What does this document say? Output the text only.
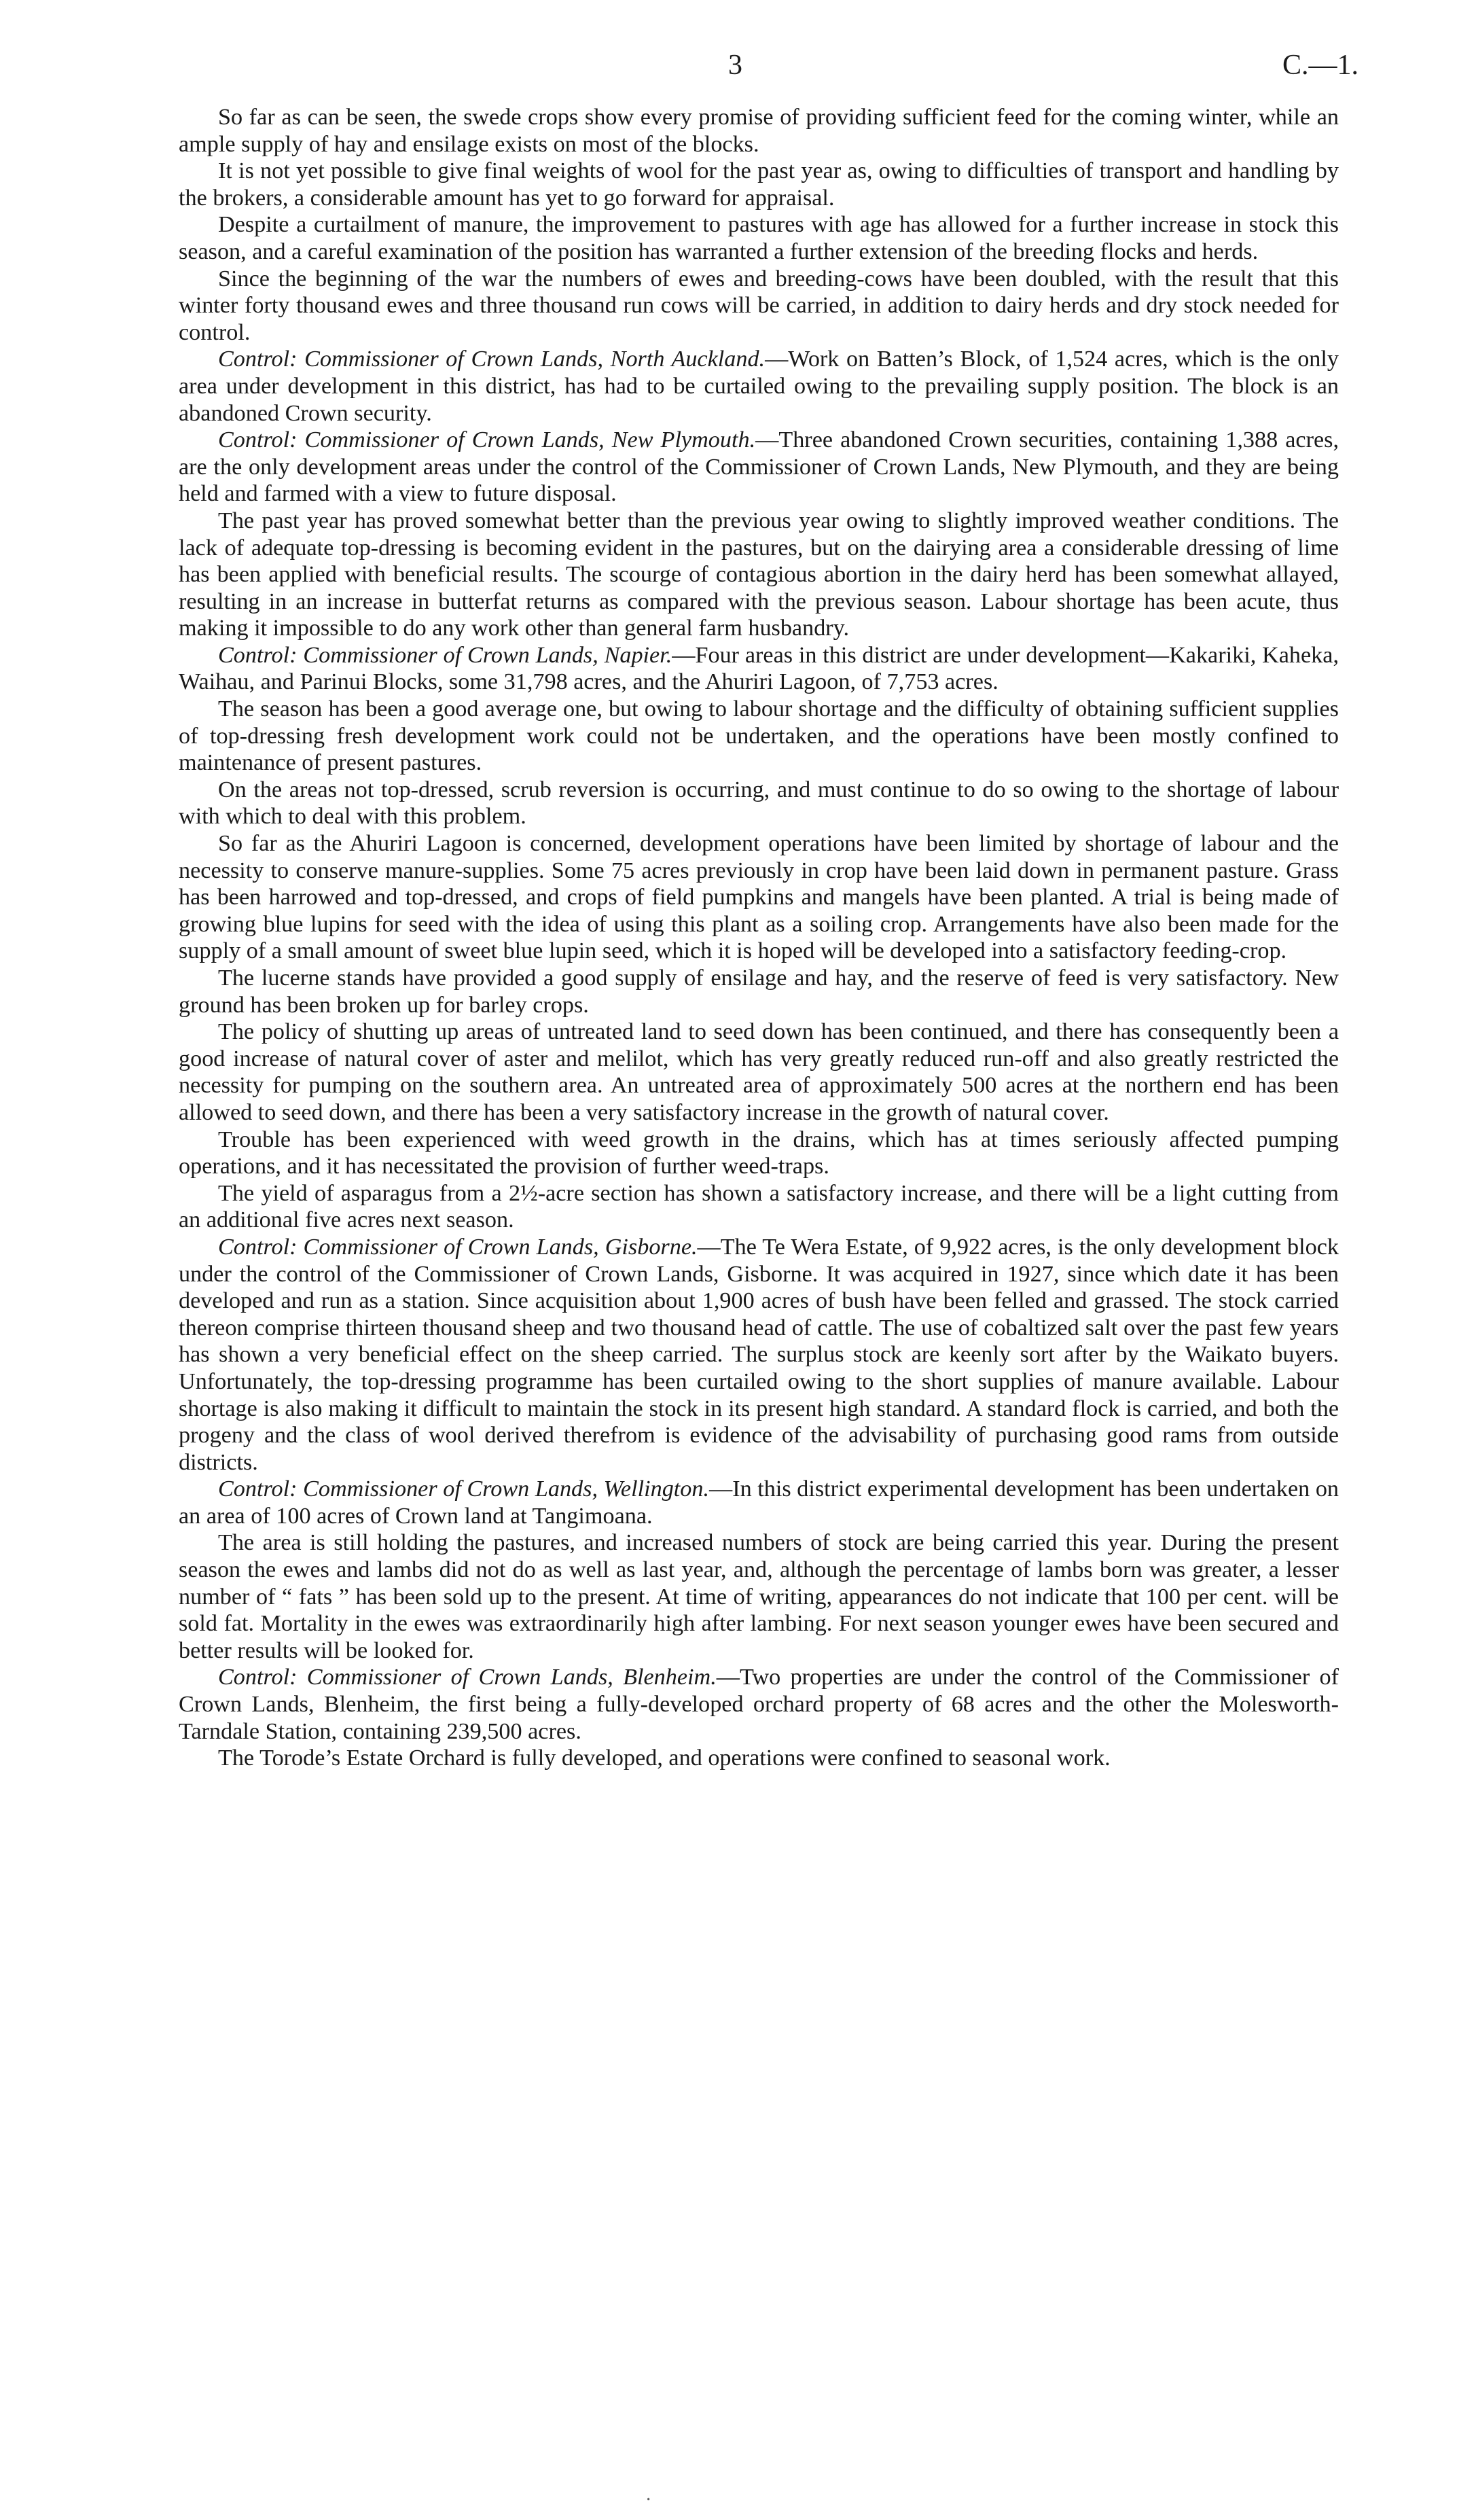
3	C.—1.

So far as can be seen, the swede crops show every promise of providing sufficient feed for the coming winter, while an ample supply of hay and ensilage exists on most of the blocks.

It is not yet possible to give final weights of wool for the past year as, owing to difficulties of transport and handling by the brokers, a considerable amount has yet to go forward for appraisal.

Despite a curtailment of manure, the improvement to pastures with age has allowed for a further increase in stock this season, and a careful examination of the position has warranted a further extension of the breeding flocks and herds.

Since the beginning of the war the numbers of ewes and breeding-cows have been doubled, with the result that this winter forty thousand ewes and three thousand run cows will be carried, in addition to dairy herds and dry stock needed for control.

Control: Commissioner of Crown Lands, North Auckland.—Work on Batten’s Block, of 1,524 acres, which is the only area under development in this district, has had to be curtailed owing to the prevailing supply position. The block is an abandoned Crown security.

Control: Commissioner of Crown Lands, New Plymouth.—Three abandoned Crown securities, containing 1,388 acres, are the only development areas under the control of the Commissioner of Crown Lands, New Plymouth, and they are being held and farmed with a view to future disposal.

The past year has proved somewhat better than the previous year owing to slightly improved weather conditions. The lack of adequate top-dressing is becoming evident in the pastures, but on the dairying area a considerable dressing of lime has been applied with beneficial results. The scourge of contagious abortion in the dairy herd has been somewhat allayed, resulting in an increase in butterfat returns as compared with the previous season. Labour shortage has been acute, thus making it impossible to do any work other than general farm husbandry.

Control: Commissioner of Crown Lands, Napier.—Four areas in this district are under development—Kakariki, Kaheka, Waihau, and Parinui Blocks, some 31,798 acres, and the Ahuriri Lagoon, of 7,753 acres.

The season has been a good average one, but owing to labour shortage and the difficulty of obtaining sufficient supplies of top-dressing fresh development work could not be undertaken, and the operations have been mostly confined to maintenance of present pastures.

On the areas not top-dressed, scrub reversion is occurring, and must continue to do so owing to the shortage of labour with which to deal with this problem.

So far as the Ahuriri Lagoon is concerned, development operations have been limited by shortage of labour and the necessity to conserve manure-supplies. Some 75 acres previously in crop have been laid down in permanent pasture. Grass has been harrowed and top-dressed, and crops of field pumpkins and mangels have been planted. A trial is being made of growing blue lupins for seed with the idea of using this plant as a soiling crop. Arrangements have also been made for the supply of a small amount of sweet blue lupin seed, which it is hoped will be developed into a satisfactory feeding-crop.

The lucerne stands have provided a good supply of ensilage and hay, and the reserve of feed is very satisfactory. New ground has been broken up for barley crops.

The policy of shutting up areas of untreated land to seed down has been continued, and there has consequently been a good increase of natural cover of aster and melilot, which has very greatly reduced run-off and also greatly restricted the necessity for pumping on the southern area. An untreated area of approximately 500 acres at the northern end has been allowed to seed down, and there has been a very satisfactory increase in the growth of natural cover.

Trouble has been experienced with weed growth in the drains, which has at times seriously affected pumping operations, and it has necessitated the provision of further weed-traps.

The yield of asparagus from a 2½-acre section has shown a satisfactory increase, and there will be a light cutting from an additional five acres next season.

Control: Commissioner of Crown Lands, Gisborne.—The Te Wera Estate, of 9,922 acres, is the only development block under the control of the Commissioner of Crown Lands, Gisborne. It was acquired in 1927, since which date it has been developed and run as a station. Since acquisition about 1,900 acres of bush have been felled and grassed. The stock carried thereon comprise thirteen thousand sheep and two thousand head of cattle. The use of cobaltized salt over the past few years has shown a very beneficial effect on the sheep carried. The surplus stock are keenly sort after by the Waikato buyers. Unfortunately, the top-dressing programme has been curtailed owing to the short supplies of manure available. Labour shortage is also making it difficult to maintain the stock in its present high standard. A standard flock is carried, and both the progeny and the class of wool derived therefrom is evidence of the advisability of purchasing good rams from outside districts.

Control: Commissioner of Crown Lands, Wellington.—In this district experimental development has been undertaken on an area of 100 acres of Crown land at Tangimoana.

The area is still holding the pastures, and increased numbers of stock are being carried this year. During the present season the ewes and lambs did not do as well as last year, and, although the percentage of lambs born was greater, a lesser number of “ fats ” has been sold up to the present. At time of writing, appearances do not indicate that 100 per cent. will be sold fat. Mortality in the ewes was extraordinarily high after lambing. For next season younger ewes have been secured and better results will be looked for.

Control: Commissioner of Crown Lands, Blenheim.—Two properties are under the control of the Commissioner of Crown Lands, Blenheim, the first being a fully-developed orchard property of 68 acres and the other the Molesworth-Tarndale Station, containing 239,500 acres.

The Torode’s Estate Orchard is fully developed, and operations were confined to seasonal work.

·
